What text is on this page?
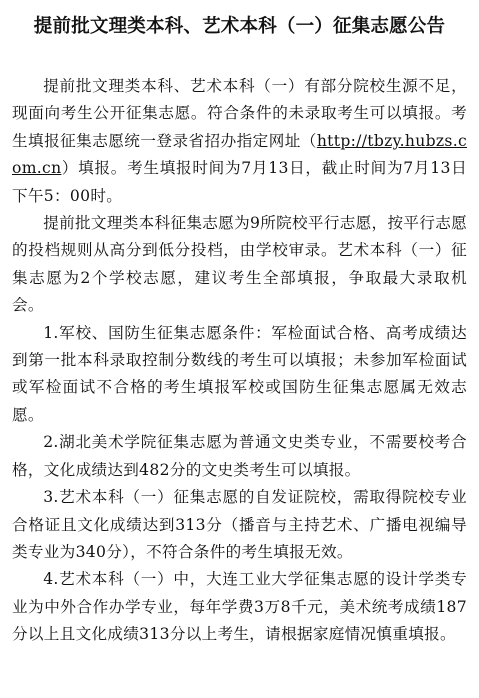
提前批文理类本科、艺术本科（一）征集志愿公告

提前批文理类本科、艺术本科（一）有部分院校生源不足，现面向考生公开征集志愿。符合条件的未录取考生可以填报。考生填报征集志愿统一登录省招办指定网址（http://tbzy.hubzs.com.cn）填报。考生填报时间为7月13日，截止时间为7月13日下午5：00时。

提前批文理类本科征集志愿为9所院校平行志愿，按平行志愿的投档规则从高分到低分投档，由学校审录。艺术本科（一）征集志愿为2个学校志愿，建议考生全部填报，争取最大录取机会。

1.军校、国防生征集志愿条件：军检面试合格、高考成绩达到第一批本科录取控制分数线的考生可以填报；未参加军检面试或军检面试不合格的考生填报军校或国防生征集志愿属无效志愿。

2.湖北美术学院征集志愿为普通文史类专业，不需要校考合格，文化成绩达到482分的文史类考生可以填报。

3.艺术本科（一）征集志愿的自发证院校，需取得院校专业合格证且文化成绩达到313分（播音与主持艺术、广播电视编导类专业为340分），不符合条件的考生填报无效。

4.艺术本科（一）中，大连工业大学征集志愿的设计学类专业为中外合作办学专业，每年学费3万8千元，美术统考成绩187分以上且文化成绩313分以上考生，请根据家庭情况慎重填报。
